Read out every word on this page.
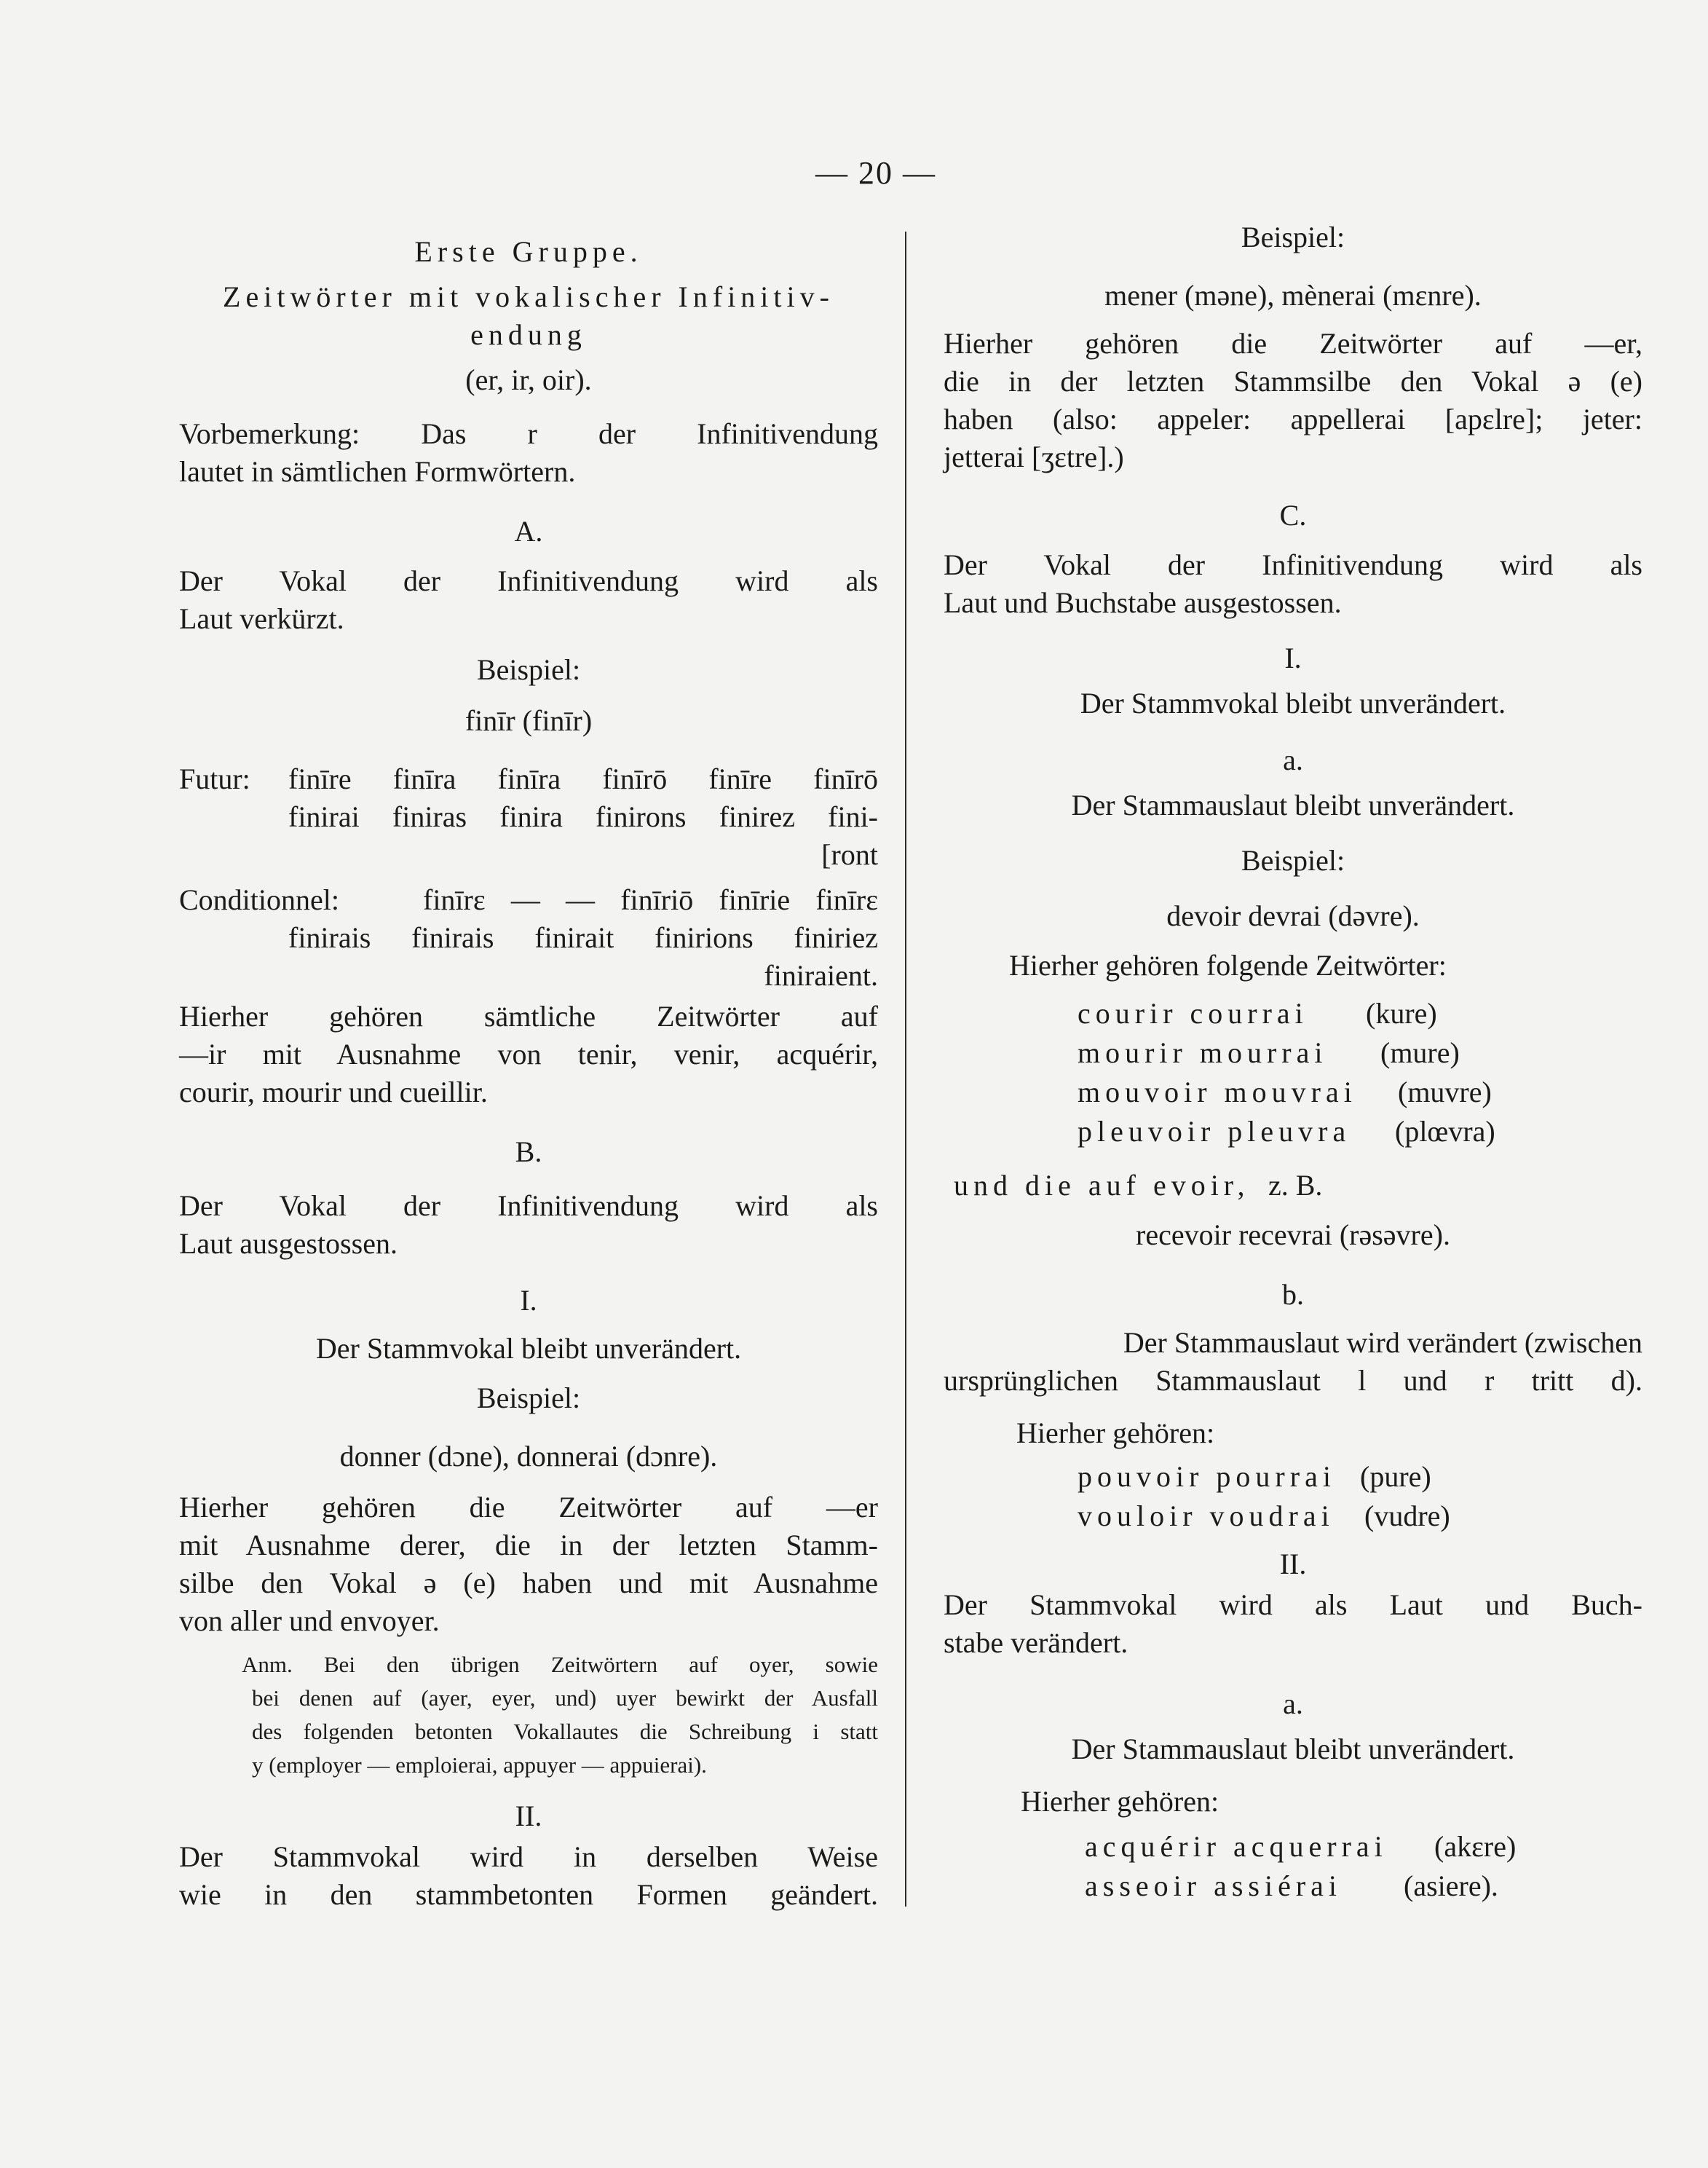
— 20 —
Erste Gruppe.
Zeitwörter mit vokalischer Infinitiv-
endung
(er, ir, oir).
Vorbemerkung: Das r der Infinitivendung
lautet in sämtlichen Formwörtern.
A.
Der Vokal der Infinitivendung wird als
Laut verkürzt.
Beispiel:
finīr (finīr)
Futur: finīre finīra finīra finīrō finīre finīrō
finirai finiras finira finirons finirez fini-
[ront
Conditionnel:	finīrɛ — — finīriō finīrie finīrɛ
finirais finirais finirait finirions finiriez
finiraient.
Hierher gehören sämtliche Zeitwörter auf
—ir mit Ausnahme von tenir, venir, acquérir,
courir, mourir und cueillir.
B.
Der Vokal der Infinitivendung wird als
Laut ausgestossen.
I.
Der Stammvokal bleibt unverändert.
Beispiel:
donner (dɔne), donnerai (dɔnre).
Hierher gehören die Zeitwörter auf —er
mit Ausnahme derer, die in der letzten Stamm-
silbe den Vokal ə (e) haben und mit Ausnahme
von aller und envoyer.
Anm. Bei den übrigen Zeitwörtern auf oyer, sowie
bei denen auf (ayer, eyer, und) uyer bewirkt der Ausfall
des folgenden betonten Vokallautes die Schreibung i statt
y (employer — emploierai, appuyer — appuierai).
II.
Der Stammvokal wird in derselben Weise
wie in den stammbetonten Formen geändert.
Beispiel:
mener (məne), mènerai (mɛnre).
Hierher gehören die Zeitwörter auf —er,
die in der letzten Stammsilbe den Vokal ə (e)
haben (also: appeler: appellerai [apɛlre]; jeter:
jetterai [ʒɛtre].)
C.
Der Vokal der Infinitivendung wird als
Laut und Buchstabe ausgestossen.
I.
Der Stammvokal bleibt unverändert.
a.
Der Stammauslaut bleibt unverändert.
Beispiel:
devoir devrai (dəvre).
Hierher gehören folgende Zeitwörter:
courir courrai (kure)
mourir mourrai (mure)
mouvoir mouvrai (muvre)
pleuvoir pleuvra (plœvra)
und die auf evoir, z. B.
recevoir recevrai (rəsəvre).
b.
Der Stammauslaut wird verändert (zwischen
ursprünglichen Stammauslaut l und r tritt d).
Hierher gehören:
pouvoir pourrai (pure)
vouloir voudrai (vudre)
II.
Der Stammvokal wird als Laut und Buch-
stabe verändert.
a.
Der Stammauslaut bleibt unverändert.
Hierher gehören:
acquérir acquerrai (akɛre)
asseoir assiérai (asiere).
